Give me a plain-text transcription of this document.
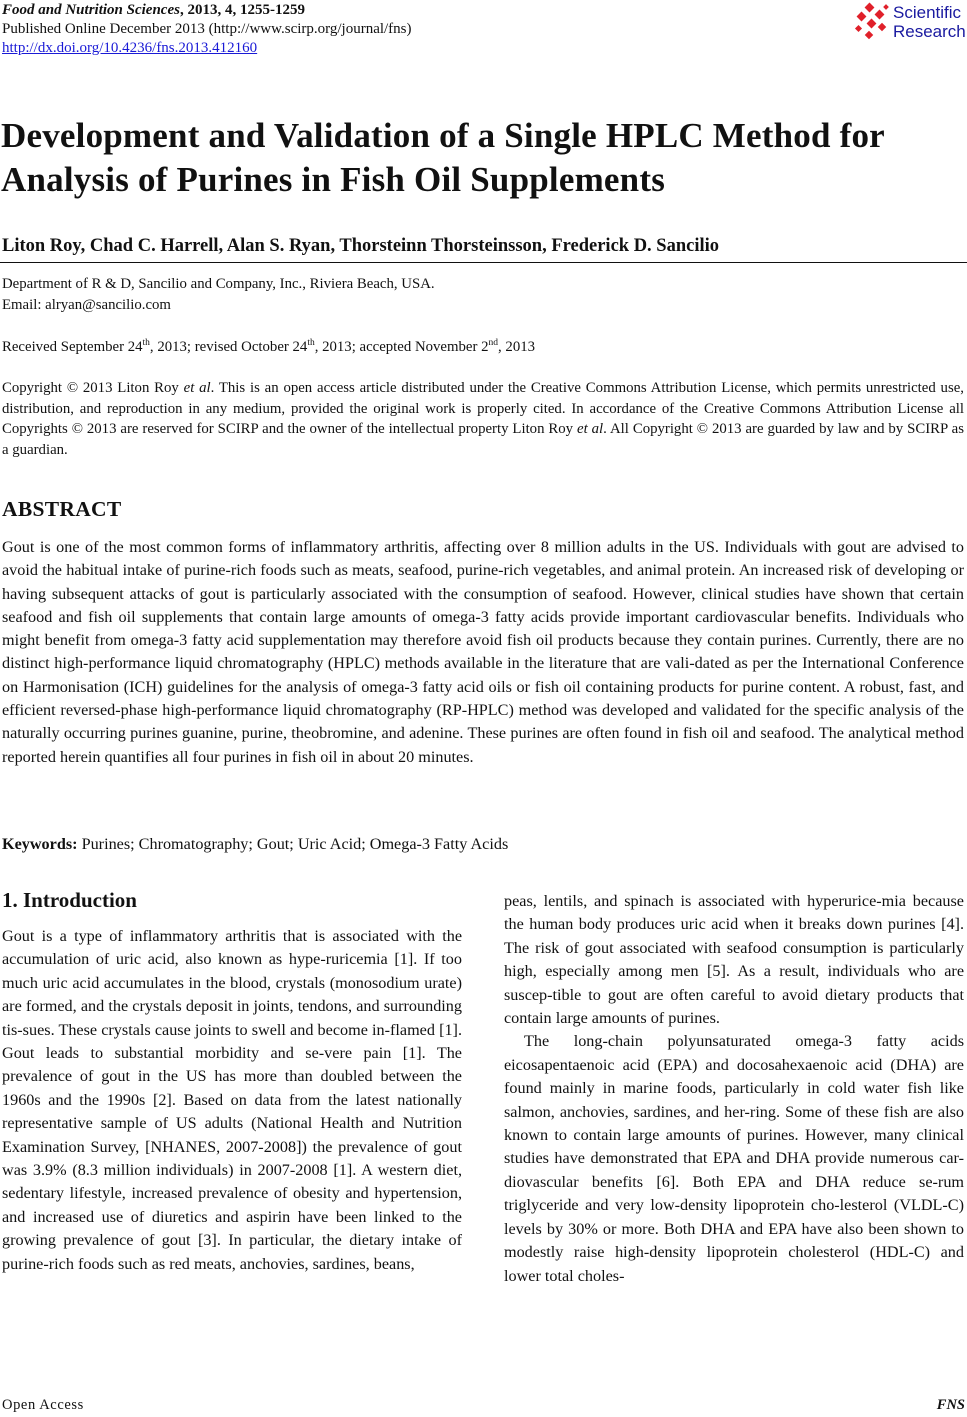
Food and Nutrition Sciences, 2013, 4, 1255-1259
Published Online December 2013 (http://www.scirp.org/journal/fns)
http://dx.doi.org/10.4236/fns.2013.412160
Scientific
Research
Development and Validation of a Single HPLC Method for Analysis of Purines in Fish Oil Supplements
Liton Roy, Chad C. Harrell, Alan S. Ryan, Thorsteinn Thorsteinsson, Frederick D. Sancilio
Department of R & D, Sancilio and Company, Inc., Riviera Beach, USA.
Email: alryan@sancilio.com
Received September 24th, 2013; revised October 24th, 2013; accepted November 2nd, 2013
Copyright © 2013 Liton Roy et al. This is an open access article distributed under the Creative Commons Attribution License, which permits unrestricted use, distribution, and reproduction in any medium, provided the original work is properly cited. In accordance of the Creative Commons Attribution License all Copyrights © 2013 are reserved for SCIRP and the owner of the intellectual property Liton Roy et al. All Copyright © 2013 are guarded by law and by SCIRP as a guardian.
ABSTRACT
Gout is one of the most common forms of inflammatory arthritis, affecting over 8 million adults in the US. Individuals with gout are advised to avoid the habitual intake of purine-rich foods such as meats, seafood, purine-rich vegetables, and animal protein. An increased risk of developing or having subsequent attacks of gout is particularly associated with the consumption of seafood. However, clinical studies have shown that certain seafood and fish oil supplements that contain large amounts of omega-3 fatty acids provide important cardiovascular benefits. Individuals who might benefit from omega-3 fatty acid supplementation may therefore avoid fish oil products because they contain purines. Currently, there are no distinct high-performance liquid chromatography (HPLC) methods available in the literature that are vali-dated as per the International Conference on Harmonisation (ICH) guidelines for the analysis of omega-3 fatty acid oils or fish oil containing products for purine content. A robust, fast, and efficient reversed-phase high-performance liquid chromatography (RP-HPLC) method was developed and validated for the specific analysis of the naturally occurring purines guanine, purine, theobromine, and adenine. These purines are often found in fish oil and seafood. The analytical method reported herein quantifies all four purines in fish oil in about 20 minutes.
Keywords: Purines; Chromatography; Gout; Uric Acid; Omega-3 Fatty Acids
1. Introduction

Gout is a type of inflammatory arthritis that is associated with the accumulation of uric acid, also known as hype-ruricemia [1]. If too much uric acid accumulates in the blood, crystals (monosodium urate) are formed, and the crystals deposit in joints, tendons, and surrounding tis-sues. These crystals cause joints to swell and become in-flamed [1]. Gout leads to substantial morbidity and se-vere pain [1]. The prevalence of gout in the US has more than doubled between the 1960s and the 1990s [2]. Based on data from the latest nationally representative sample of US adults (National Health and Nutrition Examination Survey, [NHANES, 2007-2008]) the prevalence of gout was 3.9% (8.3 million individuals) in 2007-2008 [1]. A western diet, sedentary lifestyle, increased prevalence of obesity and hypertension, and increased use of diuretics and aspirin have been linked to the growing prevalence of gout [3]. In particular, the dietary intake of purine-rich foods such as red meats, anchovies, sardines, beans,

peas, lentils, and spinach is associated with hyperurice-mia because the human body produces uric acid when it breaks down purines [4]. The risk of gout associated with seafood consumption is particularly high, especially among men [5]. As a result, individuals who are suscep-tible to gout are often careful to avoid dietary products that contain large amounts of purines.

The long-chain polyunsaturated omega-3 fatty acids eicosapentaenoic acid (EPA) and docosahexaenoic acid (DHA) are found mainly in marine foods, particularly in cold water fish like salmon, anchovies, sardines, and her-ring. Some of these fish are also known to contain large amounts of purines. However, many clinical studies have demonstrated that EPA and DHA provide numerous car-diovascular benefits [6]. Both EPA and DHA reduce se-rum triglyceride and very low-density lipoprotein cho-lesterol (VLDL-C) levels by 30% or more. Both DHA and EPA have also been shown to modestly raise high-density lipoprotein cholesterol (HDL-C) and lower total choles-

Open Access	FNS
